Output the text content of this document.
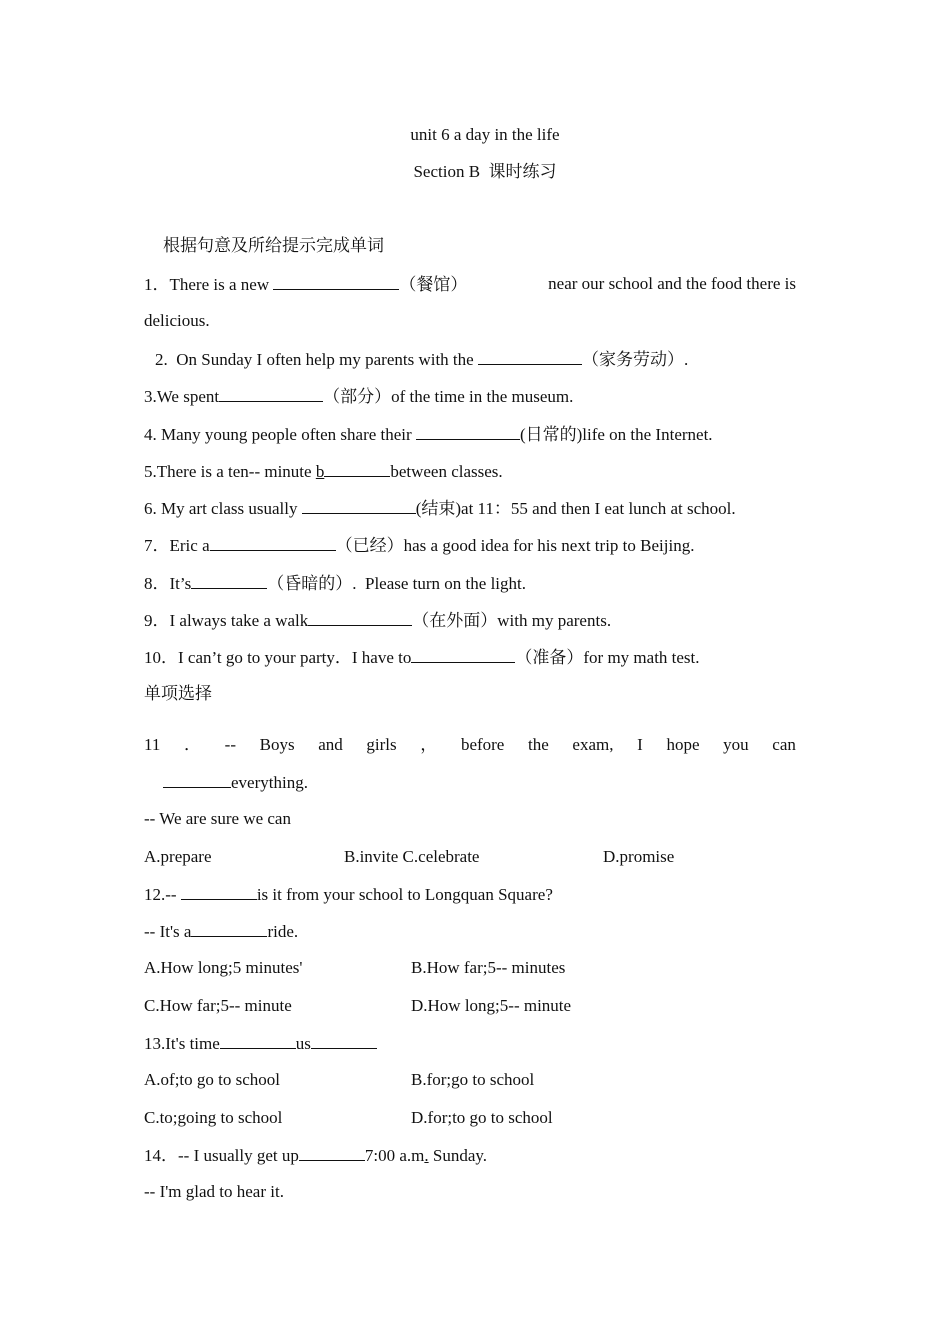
unit 6 a day in the life
Section B  课时练习
根据句意及所给提示完成单词
1．There is a new	（餐馆）	near our school and the food there is
delicious.
2.  On Sunday I often help my parents with the	（家务劳动）.
3.We spent	（部分）of the time in the museum.
4. Many young people often share their	(日常的)life on the Internet.
5.There is a ten-- minute b	between classes.
6. My art class usually	(结束)at 11：55 and then I eat lunch at school.
7．Eric a	（已经）has a good idea for his next trip to Beijing.
8．It’s	（昏暗的）.  Please turn on the light.
9．I always take a walk	（在外面）with my parents.
10．I can’t go to your party．I have to	（准备）for my math test.
单项选择
11 ． -- Boys and girls ， before the exam, I hope you can
everything.
-- We are sure we can
A.prepare	B.invite C.celebrate	D.promise
12.--	is it from your school to Longquan Square?
-- It's a	ride.
A.How long;5 minutes'	B.How far;5-- minutes
C.How far;5-- minute	D.How long;5-- minute
13.It's time	us
A.of;to go to school	B.for;go to school
C.to;going to school	D.for;to go to school
14．-- I usually get up	7:00 a.m. Sunday.
-- I'm glad to hear it.
